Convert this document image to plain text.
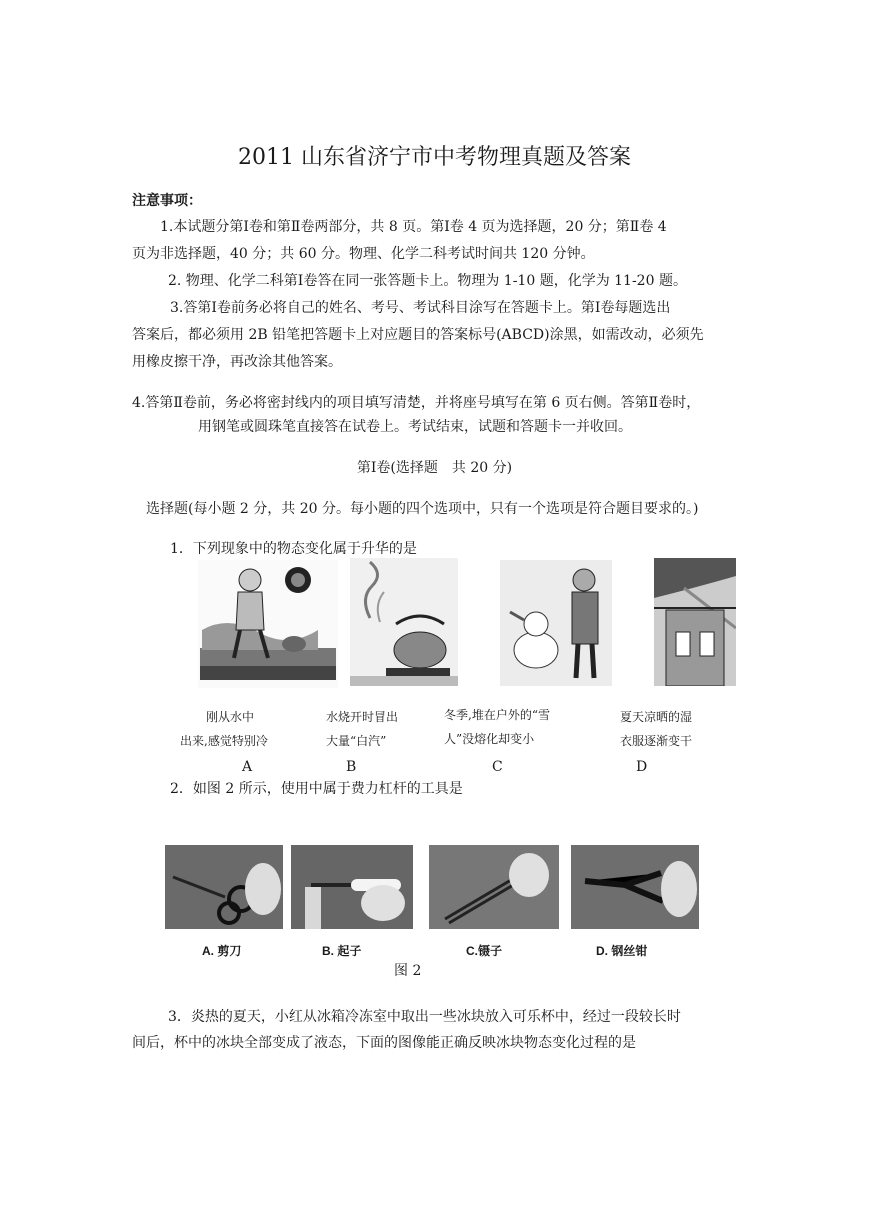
2011 山东省济宁市中考物理真题及答案
注意事项：
1.本试题分第Ⅰ卷和第Ⅱ卷两部分，共 8 页。第Ⅰ卷 4 页为选择题，20 分；第Ⅱ卷 4
页为非选择题，40 分；共 60 分。物理、化学二科考试时间共 120 分钟。
2. 物理、化学二科第Ⅰ卷答在同一张答题卡上。物理为 1-10 题，化学为 11-20 题。
3.答第Ⅰ卷前务必将自己的姓名、考号、考试科目涂写在答题卡上。第Ⅰ卷每题选出
答案后，都必须用 2B 铅笔把答题卡上对应题目的答案标号(ABCD)涂黑，如需改动，必须先
用橡皮擦干净，再改涂其他答案。
4.答第Ⅱ卷前，务必将密封线内的项目填写清楚，并将座号填写在第 6 页右侧。答第Ⅱ卷时，
用钢笔或圆珠笔直接答在试卷上。考试结束，试题和答题卡一并收回。
第Ⅰ卷(选择题　共 20 分)
选择题(每小题 2 分，共 20 分。每小题的四个选项中，只有一个选项是符合题目要求的。)
1．下列现象中的物态变化属于升华的是
刚从水中
出来,感觉特别冷
水烧开时冒出
大量“白汽”
冬季,堆在户外的“雪
人”没熔化却变小
夏天凉晒的湿
衣服逐渐变干
A	B	C	D
2．如图 2 所示，使用中属于费力杠杆的工具是
A. 剪刀	B. 起子	C.镊子	D. 钢丝钳
图 2
3．炎热的夏天，小红从冰箱冷冻室中取出一些冰块放入可乐杯中，经过一段较长时
间后，杯中的冰块全部变成了液态，下面的图像能正确反映冰块物态变化过程的是
